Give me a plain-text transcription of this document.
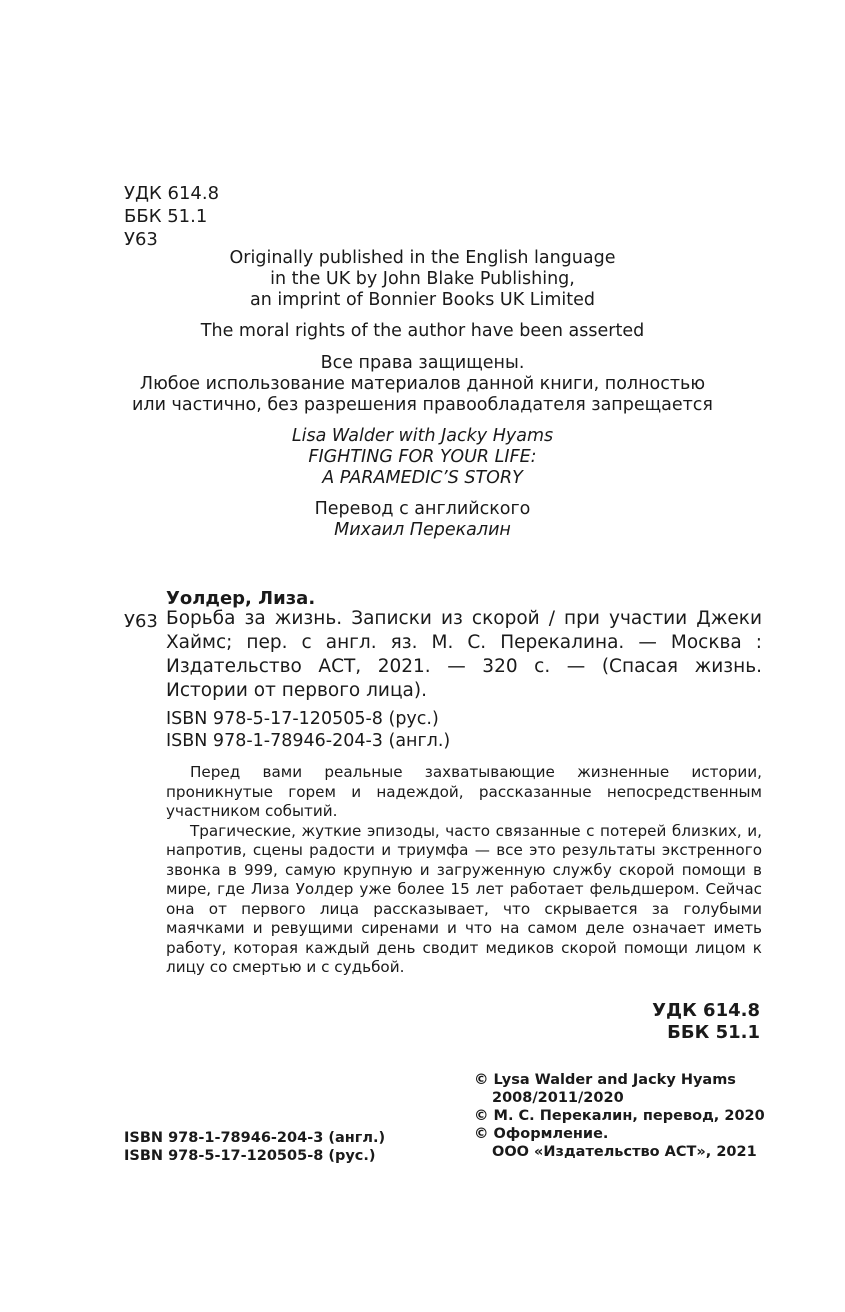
УДК 614.8
ББК 51.1
У63
Originally published in the English language
in the UK by John Blake Publishing,
an imprint of Bonnier Books UK Limited
The moral rights of the author have been asserted
Все права защищены.
Любое использование материалов данной книги, полностью
или частично, без разрешения правообладателя запрещается
Lisa Walder with Jacky Hyams
FIGHTING FOR YOUR LIFE:
A PARAMEDIC’S STORY
Перевод с английского
Михаил Перекалин
Уолдер, Лиза.
У63 Борьба за жизнь. Записки из скорой / при участии Джеки Хаймс; пер. с англ. яз. М. С. Перекалина. — Москва : Издательство АСТ, 2021. — 320 с. — (Спасая жизнь. Истории от первого лица).
ISBN 978-5-17-120505-8 (рус.)
ISBN 978-1-78946-204-3 (англ.)

Перед вами реальные захватывающие жизненные истории, проникнутые горем и надеждой, рассказанные непосредственным участником событий.

Трагические, жуткие эпизоды, часто связанные с потерей близких, и, напротив, сцены радости и триумфа — все это результаты экстренного звонка в 999, самую крупную и загруженную службу скорой помощи в мире, где Лиза Уолдер уже более 15 лет работает фельдшером. Сейчас она от первого лица рассказывает, что скрывается за голубыми маячками и ревущими сиренами и что на самом деле означает иметь работу, которая каждый день сводит медиков скорой помощи лицом к лицу со смертью и с судьбой.

УДК 614.8
ББК 51.1
ISBN 978-1-78946-204-3 (англ.)
ISBN 978-5-17-120505-8 (рус.)
© Lysa Walder and Jacky Hyams
2008/2011/2020
© М. С. Перекалин, перевод, 2020
© Оформление.
ООО «Издательство АСТ», 2021
